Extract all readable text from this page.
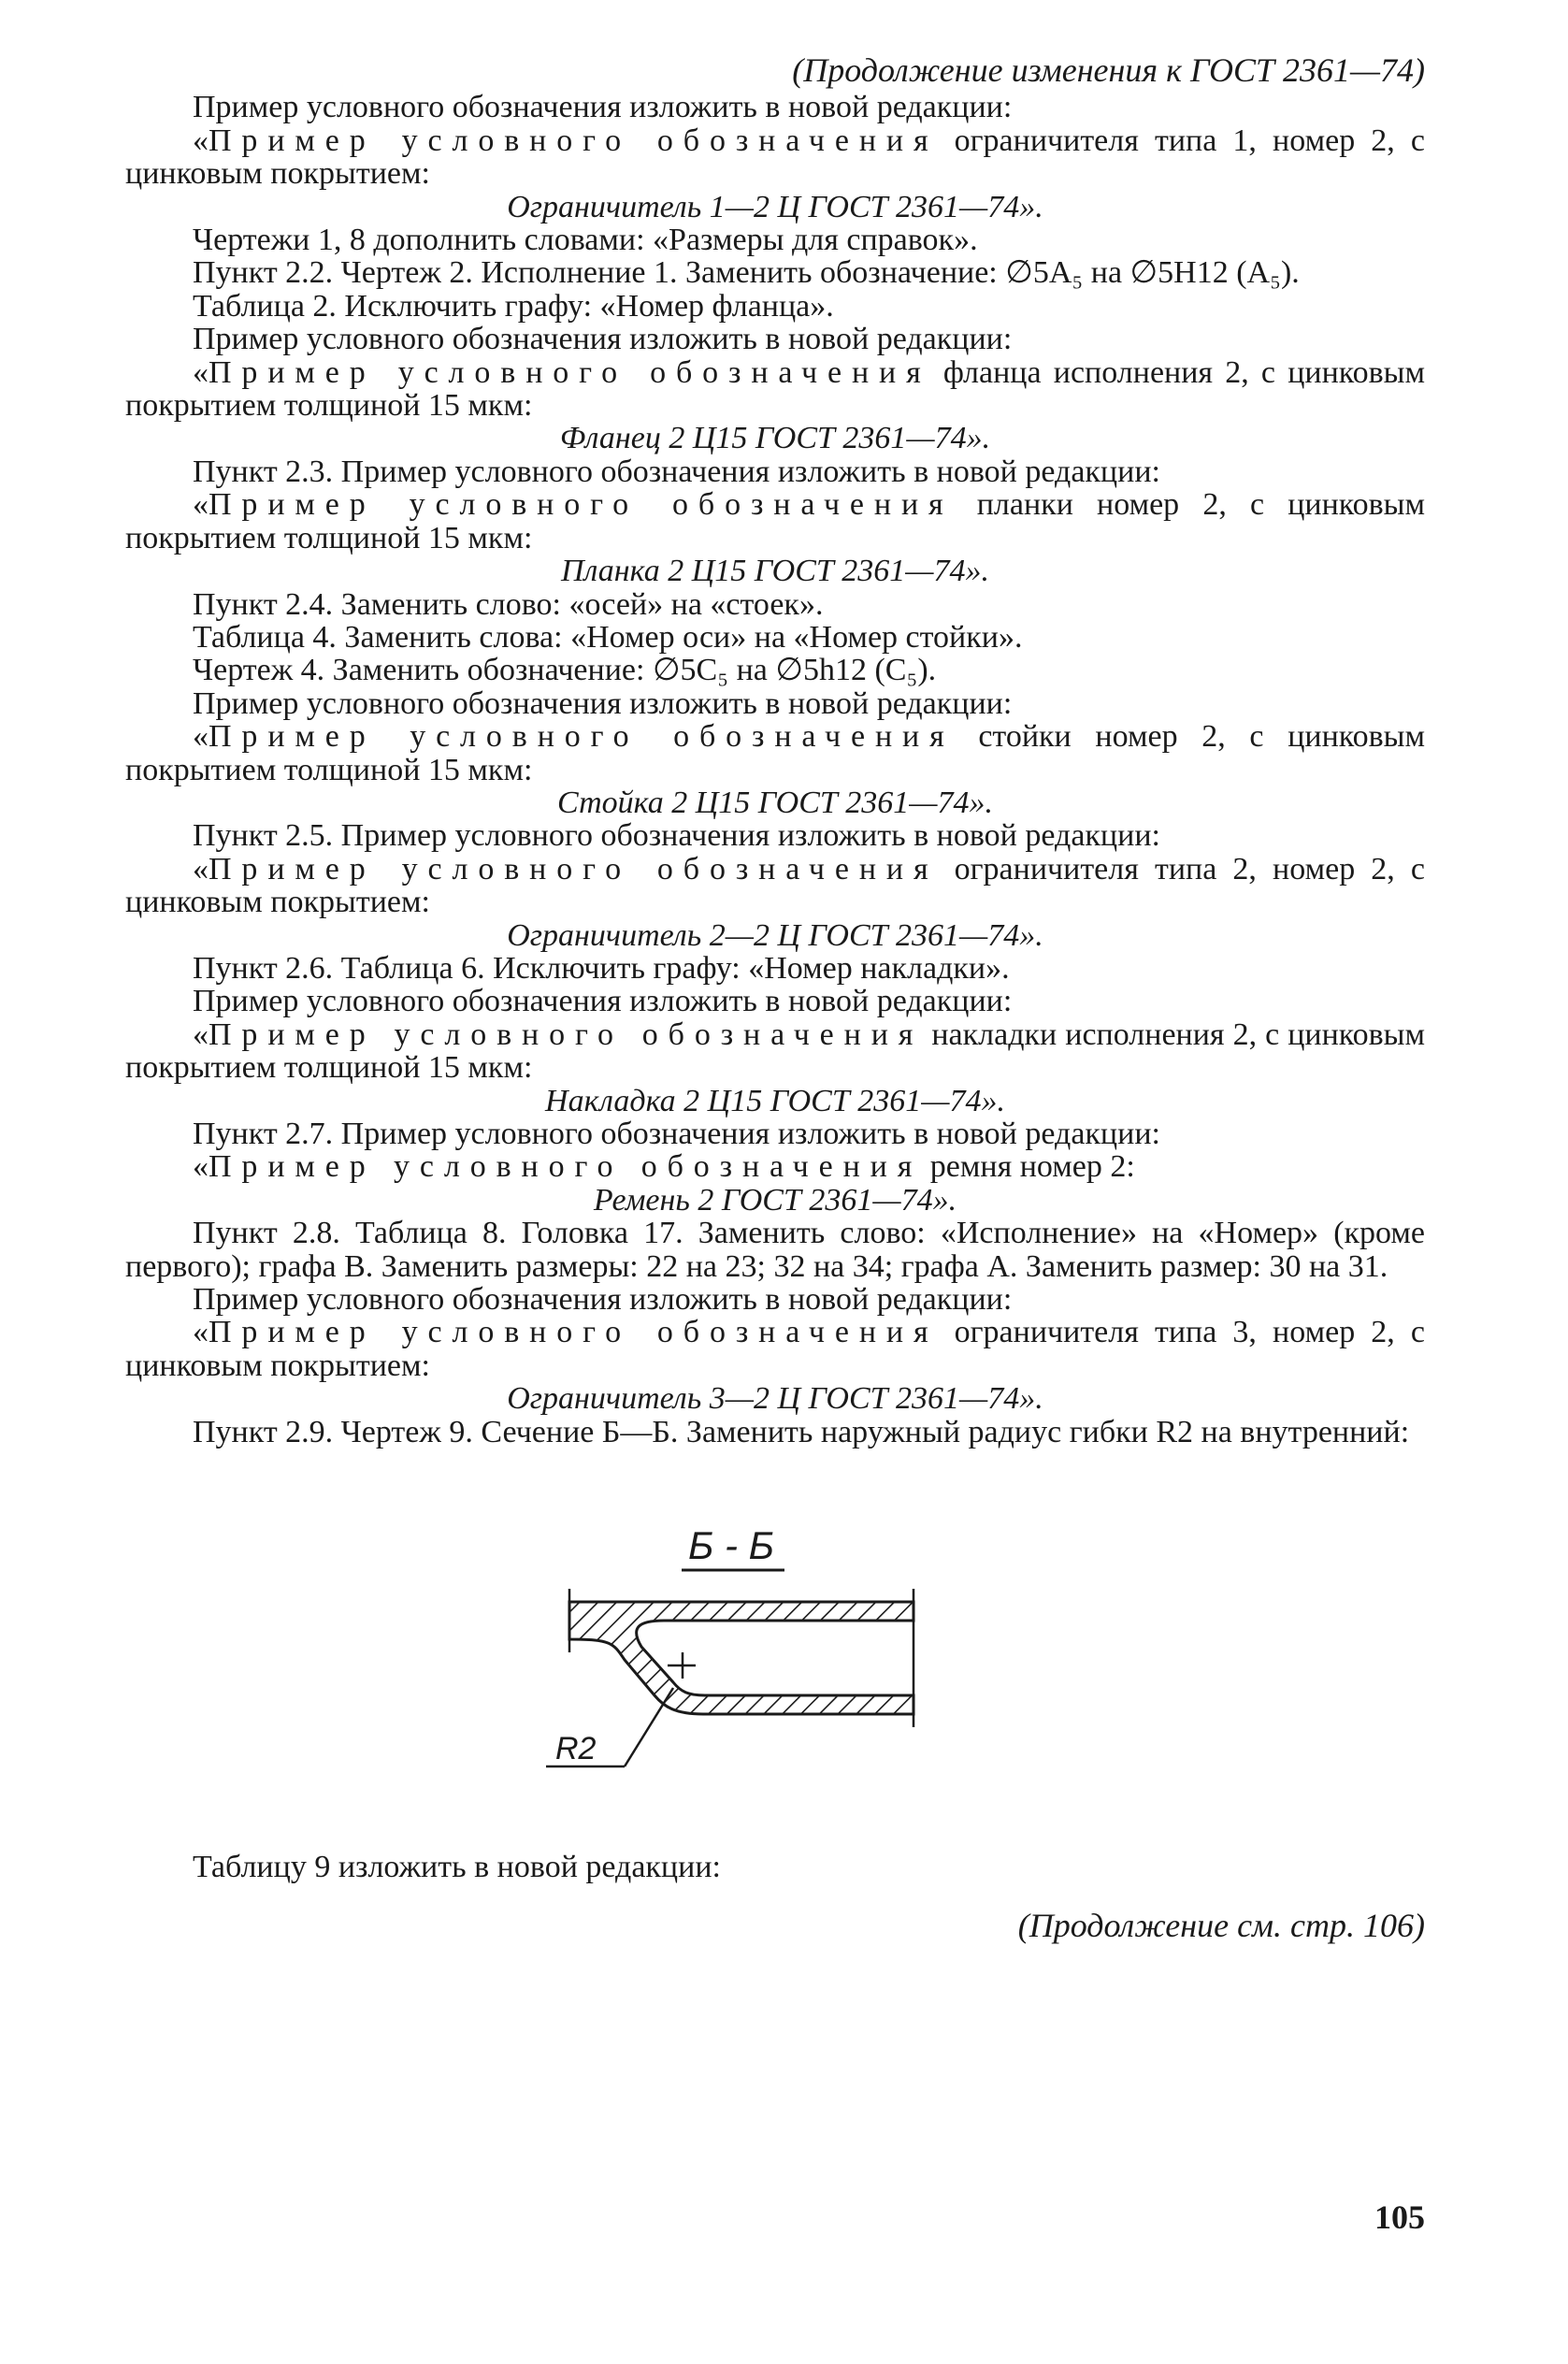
(Продолжение изменения к ГОСТ 2361—74)

Пример условного обозначения изложить в новой редакции:

«Пример условного обозначения ограничителя типа 1, номер 2, с цинковым покрытием:

Ограничитель 1—2 Ц ГОСТ 2361—74».

Чертежи 1, 8 дополнить словами: «Размеры для справок».

Пункт 2.2. Чертеж 2. Исполнение 1. Заменить обозначение: ∅5A₅ на ∅5H12 (A₅).

Таблица 2. Исключить графу: «Номер фланца».

Пример условного обозначения изложить в новой редакции:

«Пример условного обозначения фланца исполнения 2, с цинковым покрытием толщиной 15 мкм:

Фланец 2 Ц15 ГОСТ 2361—74».

Пункт 2.3. Пример условного обозначения изложить в новой редакции:

«Пример условного обозначения планки номер 2, с цинковым покрытием толщиной 15 мкм:

Планка 2 Ц15 ГОСТ 2361—74».

Пункт 2.4. Заменить слово: «осей» на «стоек».

Таблица 4. Заменить слова: «Номер оси» на «Номер стойки».

Чертеж 4. Заменить обозначение: ∅5C₅ на ∅5h12 (C₅).

Пример условного обозначения изложить в новой редакции:

«Пример условного обозначения стойки номер 2, с цинковым покрытием толщиной 15 мкм:

Стойка 2 Ц15 ГОСТ 2361—74».

Пункт 2.5. Пример условного обозначения изложить в новой редакции:

«Пример условного обозначения ограничителя типа 2, номер 2, с цинковым покрытием:

Ограничитель 2—2 Ц ГОСТ 2361—74».

Пункт 2.6. Таблица 6. Исключить графу: «Номер накладки».

Пример условного обозначения изложить в новой редакции:

«Пример условного обозначения накладки исполнения 2, с цинковым покрытием толщиной 15 мкм:

Накладка 2 Ц15 ГОСТ 2361—74».

Пункт 2.7. Пример условного обозначения изложить в новой редакции:

«Пример условного обозначения ремня номер 2:

Ремень 2 ГОСТ 2361—74».

Пункт 2.8. Таблица 8. Головка 17. Заменить слово: «Исполнение» на «Номер» (кроме первого); графа B. Заменить размеры: 22 на 23; 32 на 34; графа A. Заменить размер: 30 на 31.

Пример условного обозначения изложить в новой редакции:

«Пример условного обозначения ограничителя типа 3, номер 2, с цинковым покрытием:

Ограничитель 3—2 Ц ГОСТ 2361—74».

Пункт 2.9. Чертеж 9. Сечение Б—Б. Заменить наружный радиус гибки R2 на внутренний:

Б - Б
R2

Таблицу 9 изложить в новой редакции:

(Продолжение см. стр. 106)

105
